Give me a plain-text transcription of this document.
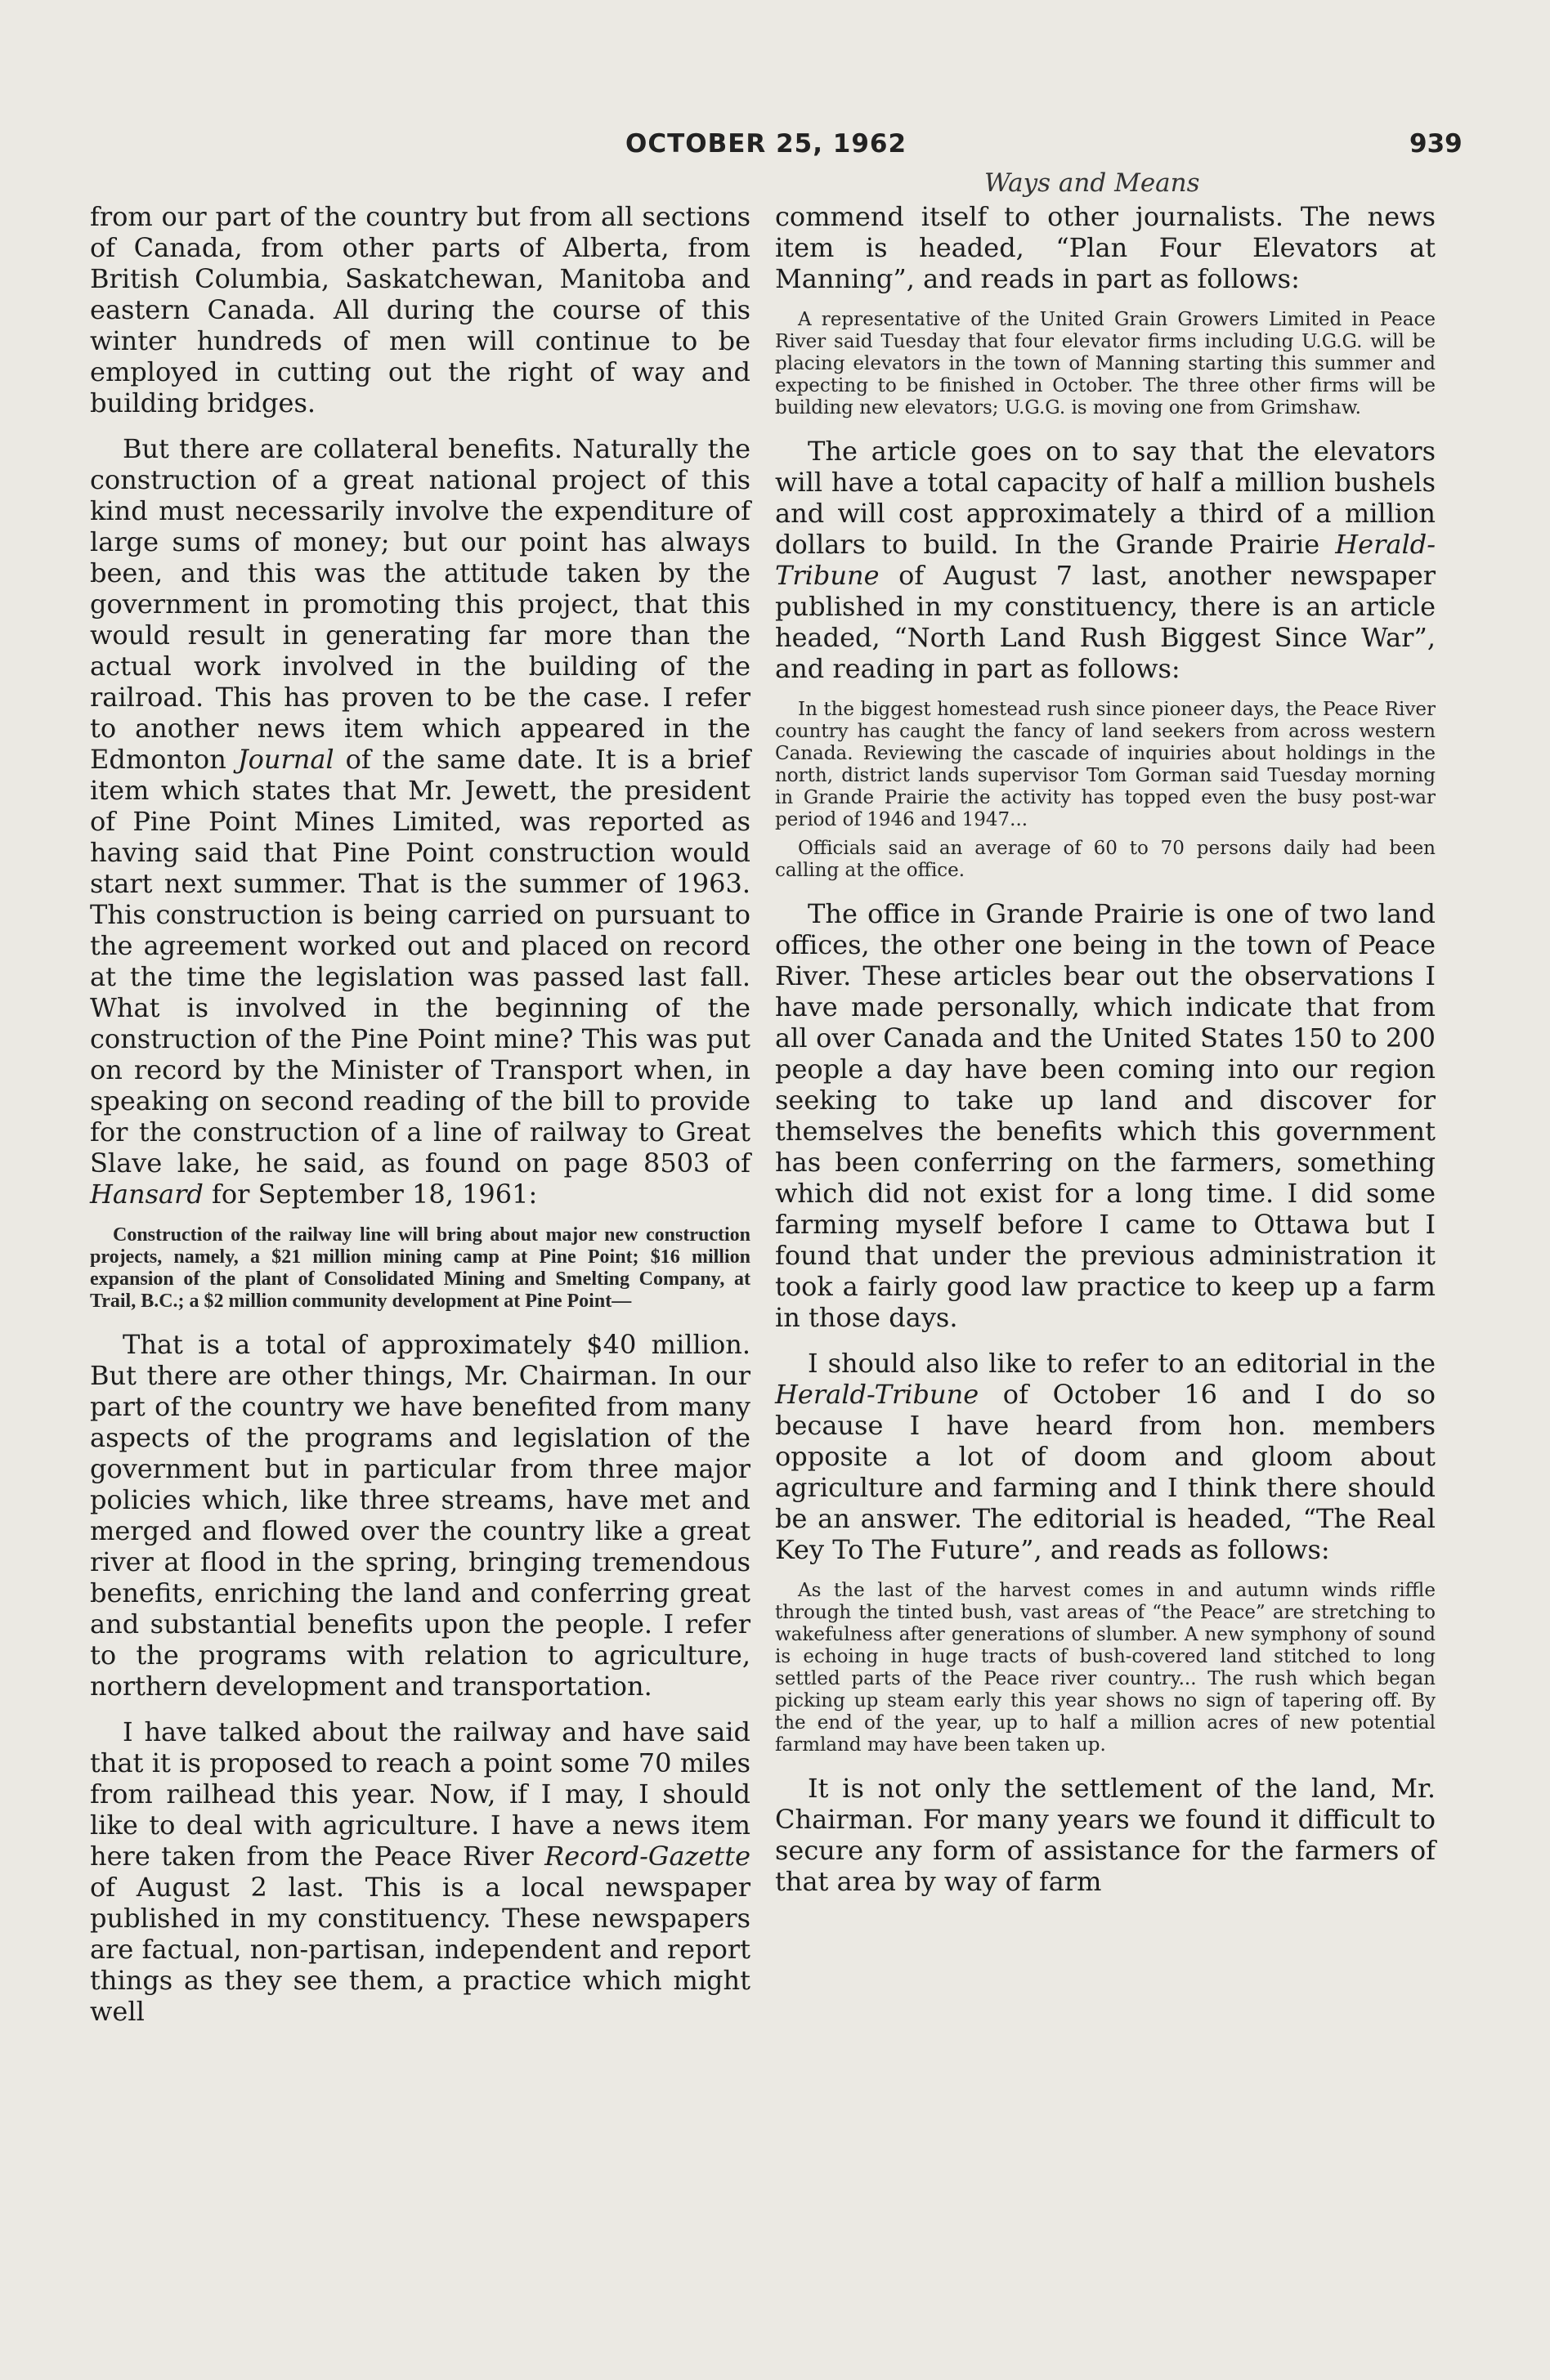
OCTOBER 25, 1962	939
Ways and Means

from our part of the country but from all sections of Canada, from other parts of Alberta, from British Columbia, Saskatchewan, Manitoba and eastern Canada. All during the course of this winter hundreds of men will continue to be employed in cutting out the right of way and building bridges.

But there are collateral benefits. Naturally the construction of a great national project of this kind must necessarily involve the expenditure of large sums of money; but our point has always been, and this was the attitude taken by the government in promoting this project, that this would result in generating far more than the actual work involved in the building of the railroad. This has proven to be the case. I refer to another news item which appeared in the Edmonton Journal of the same date. It is a brief item which states that Mr. Jewett, the president of Pine Point Mines Limited, was reported as having said that Pine Point construction would start next summer. That is the summer of 1963. This construction is being carried on pursuant to the agreement worked out and placed on record at the time the legislation was passed last fall. What is involved in the beginning of the construction of the Pine Point mine? This was put on record by the Minister of Transport when, in speaking on second reading of the bill to provide for the construction of a line of railway to Great Slave lake, he said, as found on page 8503 of Hansard for September 18, 1961:

Construction of the railway line will bring about major new construction projects, namely, a $21 million mining camp at Pine Point; $16 million expansion of the plant of Consolidated Mining and Smelting Company, at Trail, B.C.; a $2 million community development at Pine Point—

That is a total of approximately $40 million. But there are other things, Mr. Chairman. In our part of the country we have benefited from many aspects of the programs and legislation of the government but in particular from three major policies which, like three streams, have met and merged and flowed over the country like a great river at flood in the spring, bringing tremendous benefits, enriching the land and conferring great and substantial benefits upon the people. I refer to the programs with relation to agriculture, northern development and transportation.

I have talked about the railway and have said that it is proposed to reach a point some 70 miles from railhead this year. Now, if I may, I should like to deal with agriculture. I have a news item here taken from the Peace River Record-Gazette of August 2 last. This is a local newspaper published in my constituency. These newspapers are factual, non-partisan, independent and report things as they see them, a practice which might well

commend itself to other journalists. The news item is headed, “Plan Four Elevators at Manning”, and reads in part as follows:

A representative of the United Grain Growers Limited in Peace River said Tuesday that four elevator firms including U.G.G. will be placing elevators in the town of Manning starting this summer and expecting to be finished in October. The three other firms will be building new elevators; U.G.G. is moving one from Grimshaw.

The article goes on to say that the elevators will have a total capacity of half a million bushels and will cost approximately a third of a million dollars to build. In the Grande Prairie Herald-Tribune of August 7 last, another newspaper published in my constituency, there is an article headed, “North Land Rush Biggest Since War”, and reading in part as follows:

In the biggest homestead rush since pioneer days, the Peace River country has caught the fancy of land seekers from across western Canada. Reviewing the cascade of inquiries about holdings in the north, district lands supervisor Tom Gorman said Tuesday morning in Grande Prairie the activity has topped even the busy post-war period of 1946 and 1947...

Officials said an average of 60 to 70 persons daily had been calling at the office.

The office in Grande Prairie is one of two land offices, the other one being in the town of Peace River. These articles bear out the observations I have made personally, which indicate that from all over Canada and the United States 150 to 200 people a day have been coming into our region seeking to take up land and discover for themselves the benefits which this government has been conferring on the farmers, something which did not exist for a long time. I did some farming myself before I came to Ottawa but I found that under the previous administration it took a fairly good law practice to keep up a farm in those days.

I should also like to refer to an editorial in the Herald-Tribune of October 16 and I do so because I have heard from hon. members opposite a lot of doom and gloom about agriculture and farming and I think there should be an answer. The editorial is headed, “The Real Key To The Future”, and reads as follows:

As the last of the harvest comes in and autumn winds riffle through the tinted bush, vast areas of “the Peace” are stretching to wakefulness after generations of slumber. A new symphony of sound is echoing in huge tracts of bush-covered land stitched to long settled parts of the Peace river country... The rush which began picking up steam early this year shows no sign of tapering off. By the end of the year, up to half a million acres of new potential farmland may have been taken up.

It is not only the settlement of the land, Mr. Chairman. For many years we found it difficult to secure any form of assistance for the farmers of that area by way of farm
